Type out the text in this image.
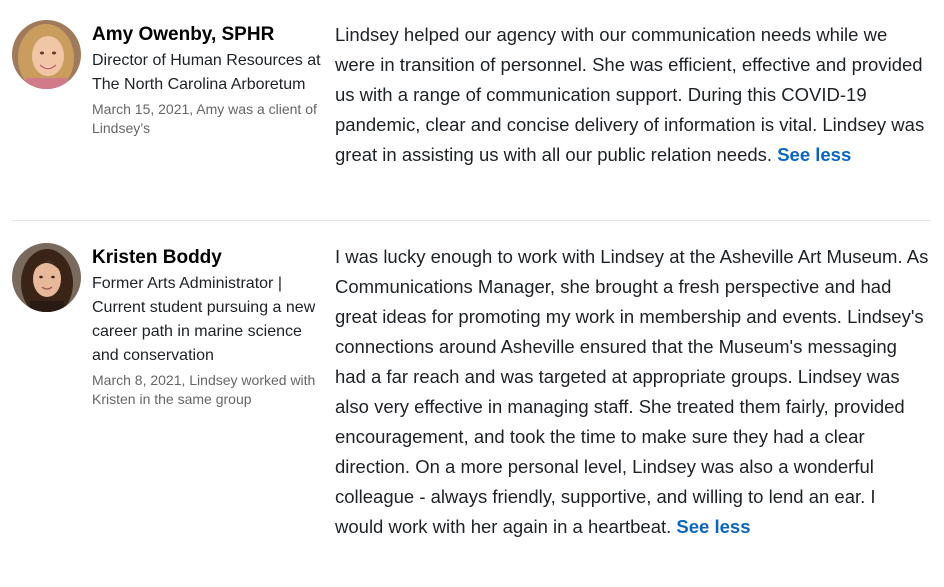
Amy Owenby, SPHR
Director of Human Resources at The North Carolina Arboretum
March 15, 2021, Amy was a client of Lindsey’s

Lindsey helped our agency with our communication needs while we were in transition of personnel. She was efficient, effective and provided us with a range of communication support. During this COVID-19 pandemic, clear and concise delivery of information is vital. Lindsey was great in assisting us with all our public relation needs. See less

Kristen Boddy
Former Arts Administrator | Current student pursuing a new career path in marine science and conservation
March 8, 2021, Lindsey worked with Kristen in the same group

I was lucky enough to work with Lindsey at the Asheville Art Museum. As Communications Manager, she brought a fresh perspective and had great ideas for promoting my work in membership and events. Lindsey's connections around Asheville ensured that the Museum's messaging had a far reach and was targeted at appropriate groups. Lindsey was also very effective in managing staff. She treated them fairly, provided encouragement, and took the time to make sure they had a clear direction. On a more personal level, Lindsey was also a wonderful colleague - always friendly, supportive, and willing to lend an ear. I would work with her again in a heartbeat. See less
